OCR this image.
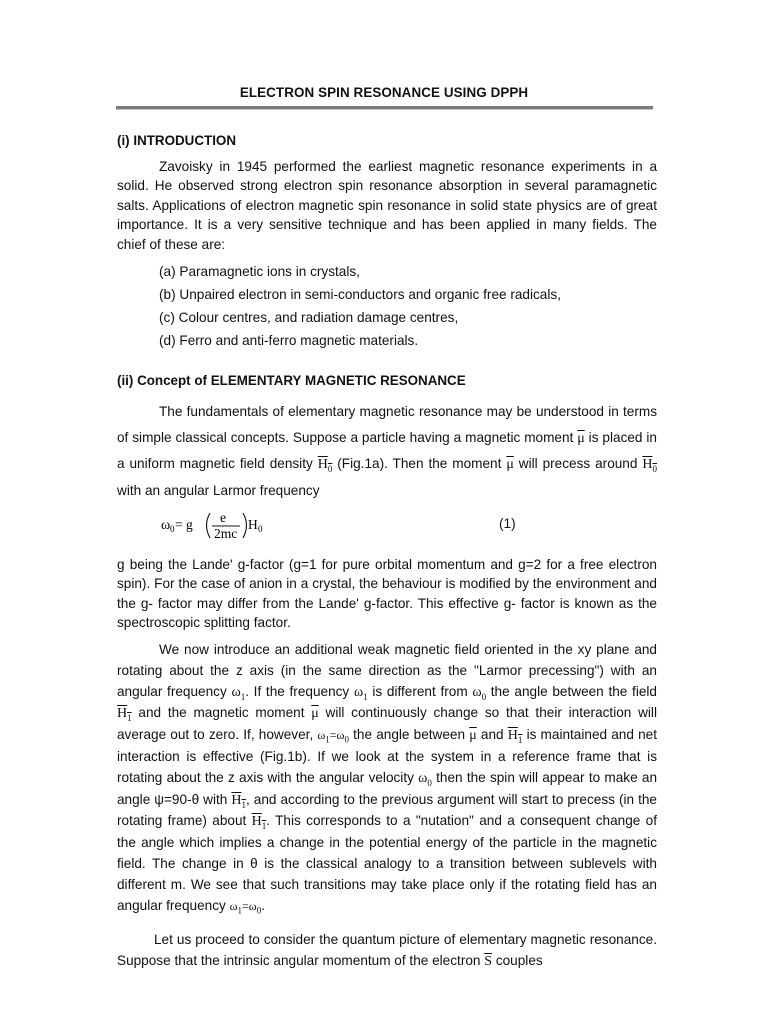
ELECTRON SPIN RESONANCE USING DPPH
(i) INTRODUCTION
Zavoisky in 1945 performed the earliest magnetic resonance experiments in a solid. He observed strong electron spin resonance absorption in several paramagnetic salts. Applications of electron magnetic spin resonance in solid state physics are of great importance. It is a very sensitive technique and has been applied in many fields. The chief of these are:
(a) Paramagnetic ions in crystals,
(b) Unpaired electron in semi-conductors and organic free radicals,
(c) Colour centres, and radiation damage centres,
(d) Ferro and anti-ferro magnetic materials.
(ii) Concept of ELEMENTARY MAGNETIC RESONANCE
The fundamentals of elementary magnetic resonance may be understood in terms of simple classical concepts. Suppose a particle having a magnetic moment $\overline{\mu}$ is placed in a uniform magnetic field density $H_0$ (Fig.1a). Then the moment $\overline{\mu}$ will precess around $H_0$ with an angular Larmor frequency
ω 0 = g e
2mc
H 0	(1)
g being the Lande' g-factor (g=1 for pure orbital momentum and g=2 for a free electron spin). For the case of anion in a crystal, the behaviour is modified by the environment and the g- factor may differ from the Lande' g-factor. This effective g- factor is known as the spectroscopic splitting factor.
We now introduce an additional weak magnetic field oriented in the xy plane and rotating about the z axis (in the same direction as the "Larmor precessing") with an angular frequency $\omega_1$. If the frequency $\omega_1$ is different from $\omega_0$ the angle between the field $H_1$ and the magnetic moment $\overline{\mu}$ will continuously change so that their interaction will average out to zero. If, however, $\omega_1=\omega_0$ the angle between $\overline{\mu}$ and $H_1$ is maintained and net interaction is effective (Fig.1b). If we look at the system in a reference frame that is rotating about the z axis with the angular velocity $\omega_0$ then the spin will appear to make an angle ψ=90-θ with $H_1$, and according to the previous argument will start to precess (in the rotating frame) about $H_1$. This corresponds to a "nutation" and a consequent change of the angle which implies a change in the potential energy of the particle in the magnetic field. The change in θ is the classical analogy to a transition between sublevels with different m. We see that such transitions may take place only if the rotating field has an angular frequency $\omega_1=\omega_0$.
Let us proceed to consider the quantum picture of elementary magnetic resonance. Suppose that the intrinsic angular momentum of the electron $\overline{S}$ couples
